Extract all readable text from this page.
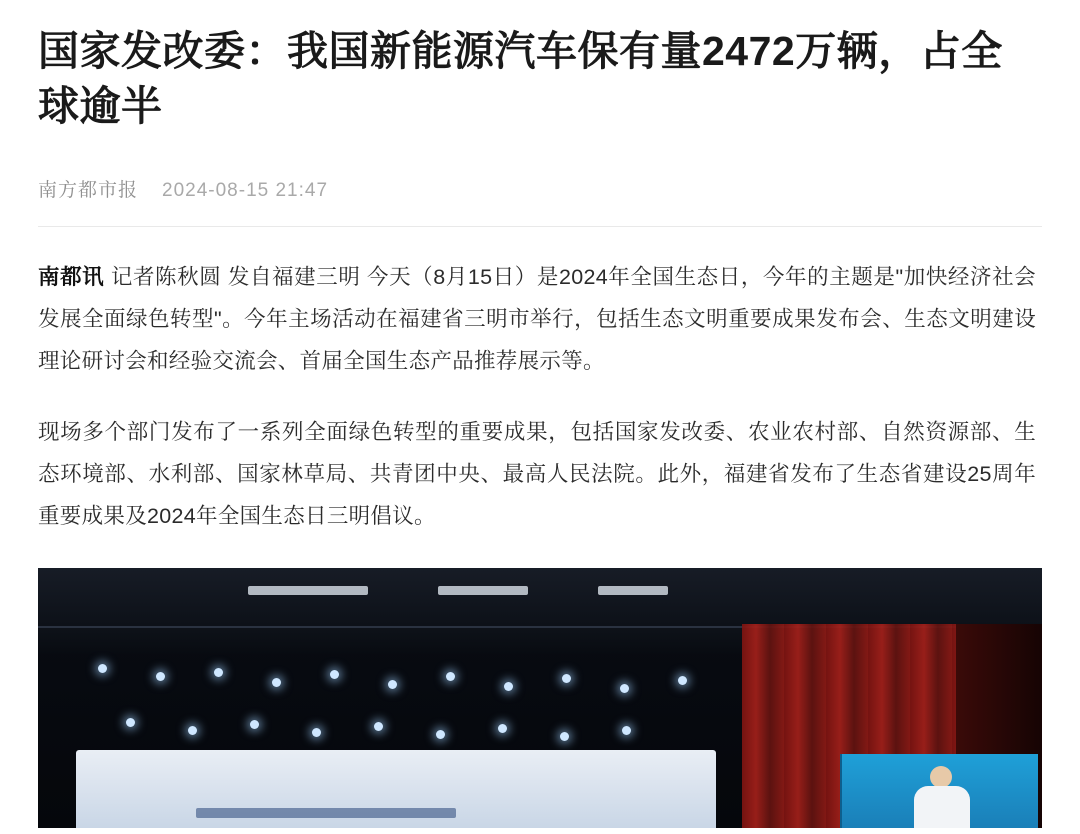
国家发改委：我国新能源汽车保有量2472万辆，占全球逾半
南方都市报 2024-08-15 21:47

南都讯 记者陈秋圆 发自福建三明 今天（8月15日）是2024年全国生态日，今年的主题是"加快经济社会发展全面绿色转型"。今年主场活动在福建省三明市举行，包括生态文明重要成果发布会、生态文明建设理论研讨会和经验交流会、首届全国生态产品推荐展示等。

现场多个部门发布了一系列全面绿色转型的重要成果，包括国家发改委、农业农村部、自然资源部、生态环境部、水利部、国家林草局、共青团中央、最高人民法院。此外，福建省发布了生态省建设25周年重要成果及2024年全国生态日三明倡议。
